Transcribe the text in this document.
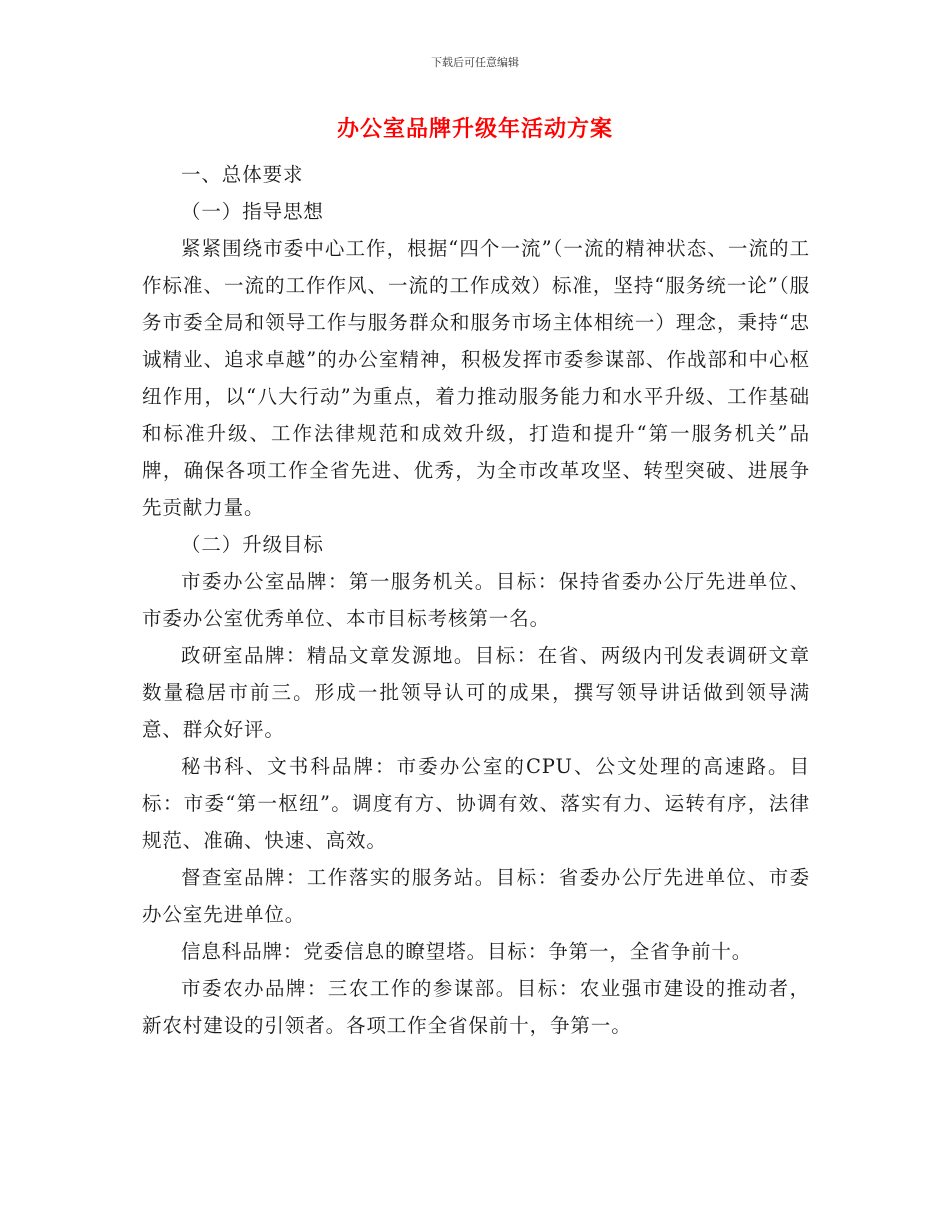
下载后可任意编辑
办公室品牌升级年活动方案

一、总体要求

（一）指导思想

紧紧围绕市委中心工作，根据“四个一流”（一流的精神状态、一流的工作标准、一流的工作作风、一流的工作成效）标准，坚持“服务统一论”（服务市委全局和领导工作与服务群众和服务市场主体相统一）理念，秉持“忠诚精业、追求卓越”的办公室精神，积极发挥市委参谋部、作战部和中心枢纽作用，以“八大行动”为重点，着力推动服务能力和水平升级、工作基础和标准升级、工作法律规范和成效升级，打造和提升“第一服务机关”品牌，确保各项工作全省先进、优秀，为全市改革攻坚、转型突破、进展争先贡献力量。

（二）升级目标

市委办公室品牌：第一服务机关。目标：保持省委办公厅先进单位、市委办公室优秀单位、本市目标考核第一名。

政研室品牌：精品文章发源地。目标：在省、两级内刊发表调研文章数量稳居市前三。形成一批领导认可的成果，撰写领导讲话做到领导满意、群众好评。

秘书科、文书科品牌：市委办公室的CPU、公文处理的高速路。目标：市委“第一枢纽”。调度有方、协调有效、落实有力、运转有序，法律规范、准确、快速、高效。

督查室品牌：工作落实的服务站。目标：省委办公厅先进单位、市委办公室先进单位。

信息科品牌：党委信息的瞭望塔。目标：争第一，全省争前十。

市委农办品牌：三农工作的参谋部。目标：农业强市建设的推动者，新农村建设的引领者。各项工作全省保前十，争第一。
